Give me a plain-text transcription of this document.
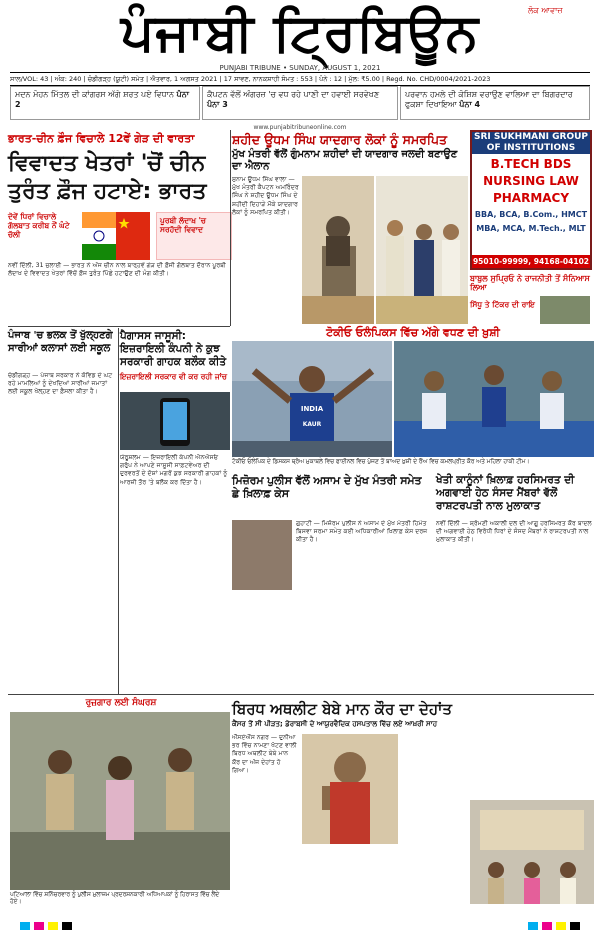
ਪੰਜਾਬੀ ਟ੍ਰਿਬਿਊਨ	ਲੋਕ ਆਵਾਜ਼
PUNJABI TRIBUNE • SUNDAY, AUGUST 1, 2021
ਸਾਲ/VOL: 43 | ਅੰਕ: 240 | ਚੰਡੀਗੜ੍ਹ (ਯੂਟੀ) ਸਮੇਤ | ਐਤਵਾਰ, 1 ਅਗਸਤ 2021 | 17 ਸਾਵਣ, ਨਾਨਕਸ਼ਾਹੀ ਸੰਮਤ : 553 | ਪੰਨੇ : 12 | ਮੁੱਲ: ₹5.00 | Regd. No. CHD/0004/2021-2023
ਮਦਨ ਮੋਹਨ ਮਿੱਤਲ ਦੀ ਕਾਂਗਰਸ ਅੱਗੇ ਸ਼ਰਤ ਪਏ ਵਿਧਾਨ ਪੰਨਾ 2
ਕੈਪਟਨ ਵੱਲੋਂ ਅੰਗਰਜ਼ 'ਚ ਵਧ ਰਹੇ ਪਾਣੀ ਦਾ ਹਵਾਈ ਸਰਵੇਖਣ ਪੰਨਾ 3
ਪਰਵਾਨ ਹਮਲੇ ਦੀ ਕੋਸ਼ਿਸ਼ ਵਰਾਉਣ ਵਾਲਿਆ ਦਾ ਬਿਗਰਦਾਰ ਫੁਕਸ਼ਾ ਦਿਖਾਇਆ ਪੰਨਾ 4
www.punjabitribuneonline.com
ਭਾਰਤ-ਚੀਨ ਫ਼ੌਜ ਵਿਚਾਲੇ 12ਵੇਂ ਗੇੜ ਦੀ ਵਾਰਤਾ
ਵਿਵਾਦਤ ਖੇਤਰਾਂ 'ਚੋਂ ਚੀਨ ਤੁਰੰਤ ਫ਼ੌਜ ਹਟਾਏ: ਭਾਰਤ
ਦੋਵੇਂ ਧਿਰਾਂ ਵਿਚਾਲੇ ਗੱਲਬਾਤ ਕਰੀਬ ਨੌਂ ਘੰਟੇ ਚੱਲੀ
ਪੂਰਬੀ ਲੱਦਾਖ਼ 'ਚ ਸਰਹੱਦੀ ਵਿਵਾਦ
ਨਵੀਂ ਦਿੱਲੀ, 31 ਜੁਲਾਈ — ਭਾਰਤ ਨੇ ਅੱਜ ਚੀਨ ਨਾਲ ਬਾਰ੍ਹਵੇਂ ਗੇੜ ਦੀ ਫ਼ੌਜੀ ਗੱਲਬਾਤ ਦੌਰਾਨ ਪੂਰਬੀ ਲੱਦਾਖ਼ ਦੇ ਵਿਵਾਦਤ ਖੇਤਰਾਂ ਵਿੱਚੋਂ ਫ਼ੌਜ ਤੁਰੰਤ ਪਿੱਛੇ ਹਟਾਉਣ ਦੀ ਮੰਗ ਕੀਤੀ।
ਸ਼ਹੀਦ ਊਧਮ ਸਿੰਘ ਯਾਦਗਾਰ ਲੋਕਾਂ ਨੂੰ ਸਮਰਪਿਤ
ਮੁੱਖ ਮੰਤਰੀ ਵੱਲੋਂ ਗੁੰਮਨਾਮ ਸ਼ਹੀਦਾਂ ਦੀ ਯਾਦਗਾਰ ਜਲਦੀ ਬਣਾਉਣ ਦਾ ਐਲਾਨ
ਸੁਨਾਮ ਊਧਮ ਸਿੰਘ ਵਾਲਾ — ਮੁੱਖ ਮੰਤਰੀ ਕੈਪਟਨ ਅਮਰਿੰਦਰ ਸਿੰਘ ਨੇ ਸ਼ਹੀਦ ਊਧਮ ਸਿੰਘ ਦੇ ਸ਼ਹੀਦੀ ਦਿਹਾੜੇ ਮੌਕੇ ਯਾਦਗਾਰ ਲੋਕਾਂ ਨੂੰ ਸਮਰਪਿਤ ਕੀਤੀ।
SRI SUKHMANI GROUP OF INSTITUTIONS
B.TECH BDS
NURSING LAW
PHARMACY
BBA, BCA, B.Com., HMCT
MBA, MCA, M.Tech., MLT
95010-99999, 94168-04102
ਬਾਬੁਲ ਸੁਪ੍ਰਿਓ ਨੇ ਰਾਜਨੀਤੀ ਤੋਂ ਸੰਨਿਆਸ ਲਿਆ
ਸਿੱਧੂ ਤੇ ਟਿੱਕਰ ਦੀ ਰਾਇ
ਟੋਕੀਓ ਓਲੰਪਿਕਸ ਵਿੱਚ ਅੱਗੇ ਵਧਣ ਦੀ ਖ਼ੁਸ਼ੀ
INDIA
KAUR
ਟੋਕੀਓ ਓਲੰਪਿਕ ਦੇ ਡਿਸਕਸ ਥ੍ਰੋਅ ਮੁਕਾਬਲੇ ਵਿਚ ਫਾਈਨਲ ਵਿਚ ਪੁੱਜਣ ਤੋਂ ਬਾਅਦ ਖ਼ੁਸ਼ੀ ਦੇ ਰੌਂਅ ਵਿਚ ਕਮਲਪ੍ਰੀਤ ਕੌਰ ਅਤੇ ਮਹਿਲਾ ਹਾਕੀ ਟੀਮ।
ਪੰਜਾਬ 'ਚ ਭਲਕ ਤੋਂ ਖੁੱਲ੍ਹਣਗੇ ਸਾਰੀਆਂ ਕਲਾਸਾਂ ਲਈ ਸਕੂਲ
ਚੰਡੀਗੜ੍ਹ — ਪੰਜਾਬ ਸਰਕਾਰ ਨੇ ਕੋਵਿਡ ਦੇ ਘਟ ਰਹੇ ਮਾਮਲਿਆਂ ਨੂੰ ਦੇਖਦਿਆਂ ਸਾਰੀਆਂ ਜਮਾਤਾਂ ਲਈ ਸਕੂਲ ਖੋਲ੍ਹਣ ਦਾ ਫ਼ੈਸਲਾ ਕੀਤਾ ਹੈ।
ਪੈਗਾਸਸ ਜਾਸੂਸੀ: ਇਜ਼ਰਾਇਲੀ ਕੰਪਨੀ ਨੇ ਕੁਝ ਸਰਕਾਰੀ ਗਾਹਕ ਬਲੌਕ ਕੀਤੇ
ਇਜ਼ਰਾਇਲੀ ਸਰਕਾਰ ਵੀ ਕਰ ਰਹੀ ਜਾਂਚ
ਯੇਰੂਸ਼ਲਮ — ਇਜ਼ਰਾਇਲੀ ਕੰਪਨੀ ਐਨਐਸਓ ਗਰੁੱਪ ਨੇ ਆਪਣੇ ਜਾਸੂਸੀ ਸਾਫ਼ਟਵੇਅਰ ਦੀ ਦੁਰਵਰਤੋਂ ਦੇ ਦੋਸ਼ਾਂ ਮਗਰੋਂ ਕੁਝ ਸਰਕਾਰੀ ਗਾਹਕਾਂ ਨੂੰ ਆਰਜ਼ੀ ਤੌਰ 'ਤੇ ਬਲੌਕ ਕਰ ਦਿੱਤਾ ਹੈ।	ਮਿਜ਼ੋਰਮ ਪੁਲੀਸ ਵੱਲੋਂ ਅਸਾਮ ਦੇ ਮੁੱਖ ਮੰਤਰੀ ਸਮੇਤ ਛੇ ਖ਼ਿਲਾਫ਼ ਕੇਸ
ਗੁਹਾਟੀ — ਮਿਜ਼ੋਰਮ ਪੁਲੀਸ ਨੇ ਅਸਾਮ ਦੇ ਮੁੱਖ ਮੰਤਰੀ ਹਿਮੰਤ ਬਿਸਵਾ ਸਰਮਾ ਸਮੇਤ ਕਈ ਅਧਿਕਾਰੀਆਂ ਖ਼ਿਲਾਫ਼ ਕੇਸ ਦਰਜ ਕੀਤਾ ਹੈ।
ਖੇਤੀ ਕਾਨੂੰਨਾਂ ਖ਼ਿਲਾਫ਼ ਹਰਸਿਮਰਤ ਦੀ ਅਗਵਾਈ ਹੇਠ ਸੰਸਦ ਮੈਂਬਰਾਂ ਵੱਲੋਂ ਰਾਸ਼ਟਰਪਤੀ ਨਾਲ ਮੁਲਾਕਾਤ
ਨਵੀਂ ਦਿੱਲੀ — ਸ਼੍ਰੋਮਣੀ ਅਕਾਲੀ ਦਲ ਦੀ ਆਗੂ ਹਰਸਿਮਰਤ ਕੌਰ ਬਾਦਲ ਦੀ ਅਗਵਾਈ ਹੇਠ ਵਿਰੋਧੀ ਧਿਰਾਂ ਦੇ ਸੰਸਦ ਮੈਂਬਰਾਂ ਨੇ ਰਾਸ਼ਟਰਪਤੀ ਨਾਲ ਮੁਲਾਕਾਤ ਕੀਤੀ।
ਰੁਜ਼ਗਾਰ ਲਈ ਸੰਘਰਸ਼
ਪਟਿਆਲਾ ਵਿੱਚ ਸ਼ਨਿੱਚਰਵਾਰ ਨੂੰ ਪੁਲੀਸ ਮੁਲਾਜ਼ਮ ਪ੍ਰਦਰਸ਼ਨਕਾਰੀ ਅਧਿਆਪਕਾਂ ਨੂੰ ਹਿਰਾਸਤ ਵਿੱਚ ਲੈਂਦੇ ਹੋਏ।
ਬਿਰਧ ਅਥਲੀਟ ਬੇਬੇ ਮਾਨ ਕੌਰ ਦਾ ਦੇਹਾਂਤ
ਕੈਂਸਰ ਤੋਂ ਸੀ ਪੀੜਤ; ਡੇਰਾਬਸੀ ਦੇ ਆਯੁਰਵੈਦਿਕ ਹਸਪਤਾਲ ਵਿੱਚ ਲਏ ਆਖ਼ਰੀ ਸਾਹ
ਐੱਸਏਐੱਸ ਨਗਰ — ਦੁਨੀਆ ਭਰ ਵਿੱਚ ਨਾਮਣਾ ਖੱਟਣ ਵਾਲੀ ਬਿਰਧ ਅਥਲੀਟ ਬੇਬੇ ਮਾਨ ਕੌਰ ਦਾ ਅੱਜ ਦੇਹਾਂਤ ਹੋ ਗਿਆ।
